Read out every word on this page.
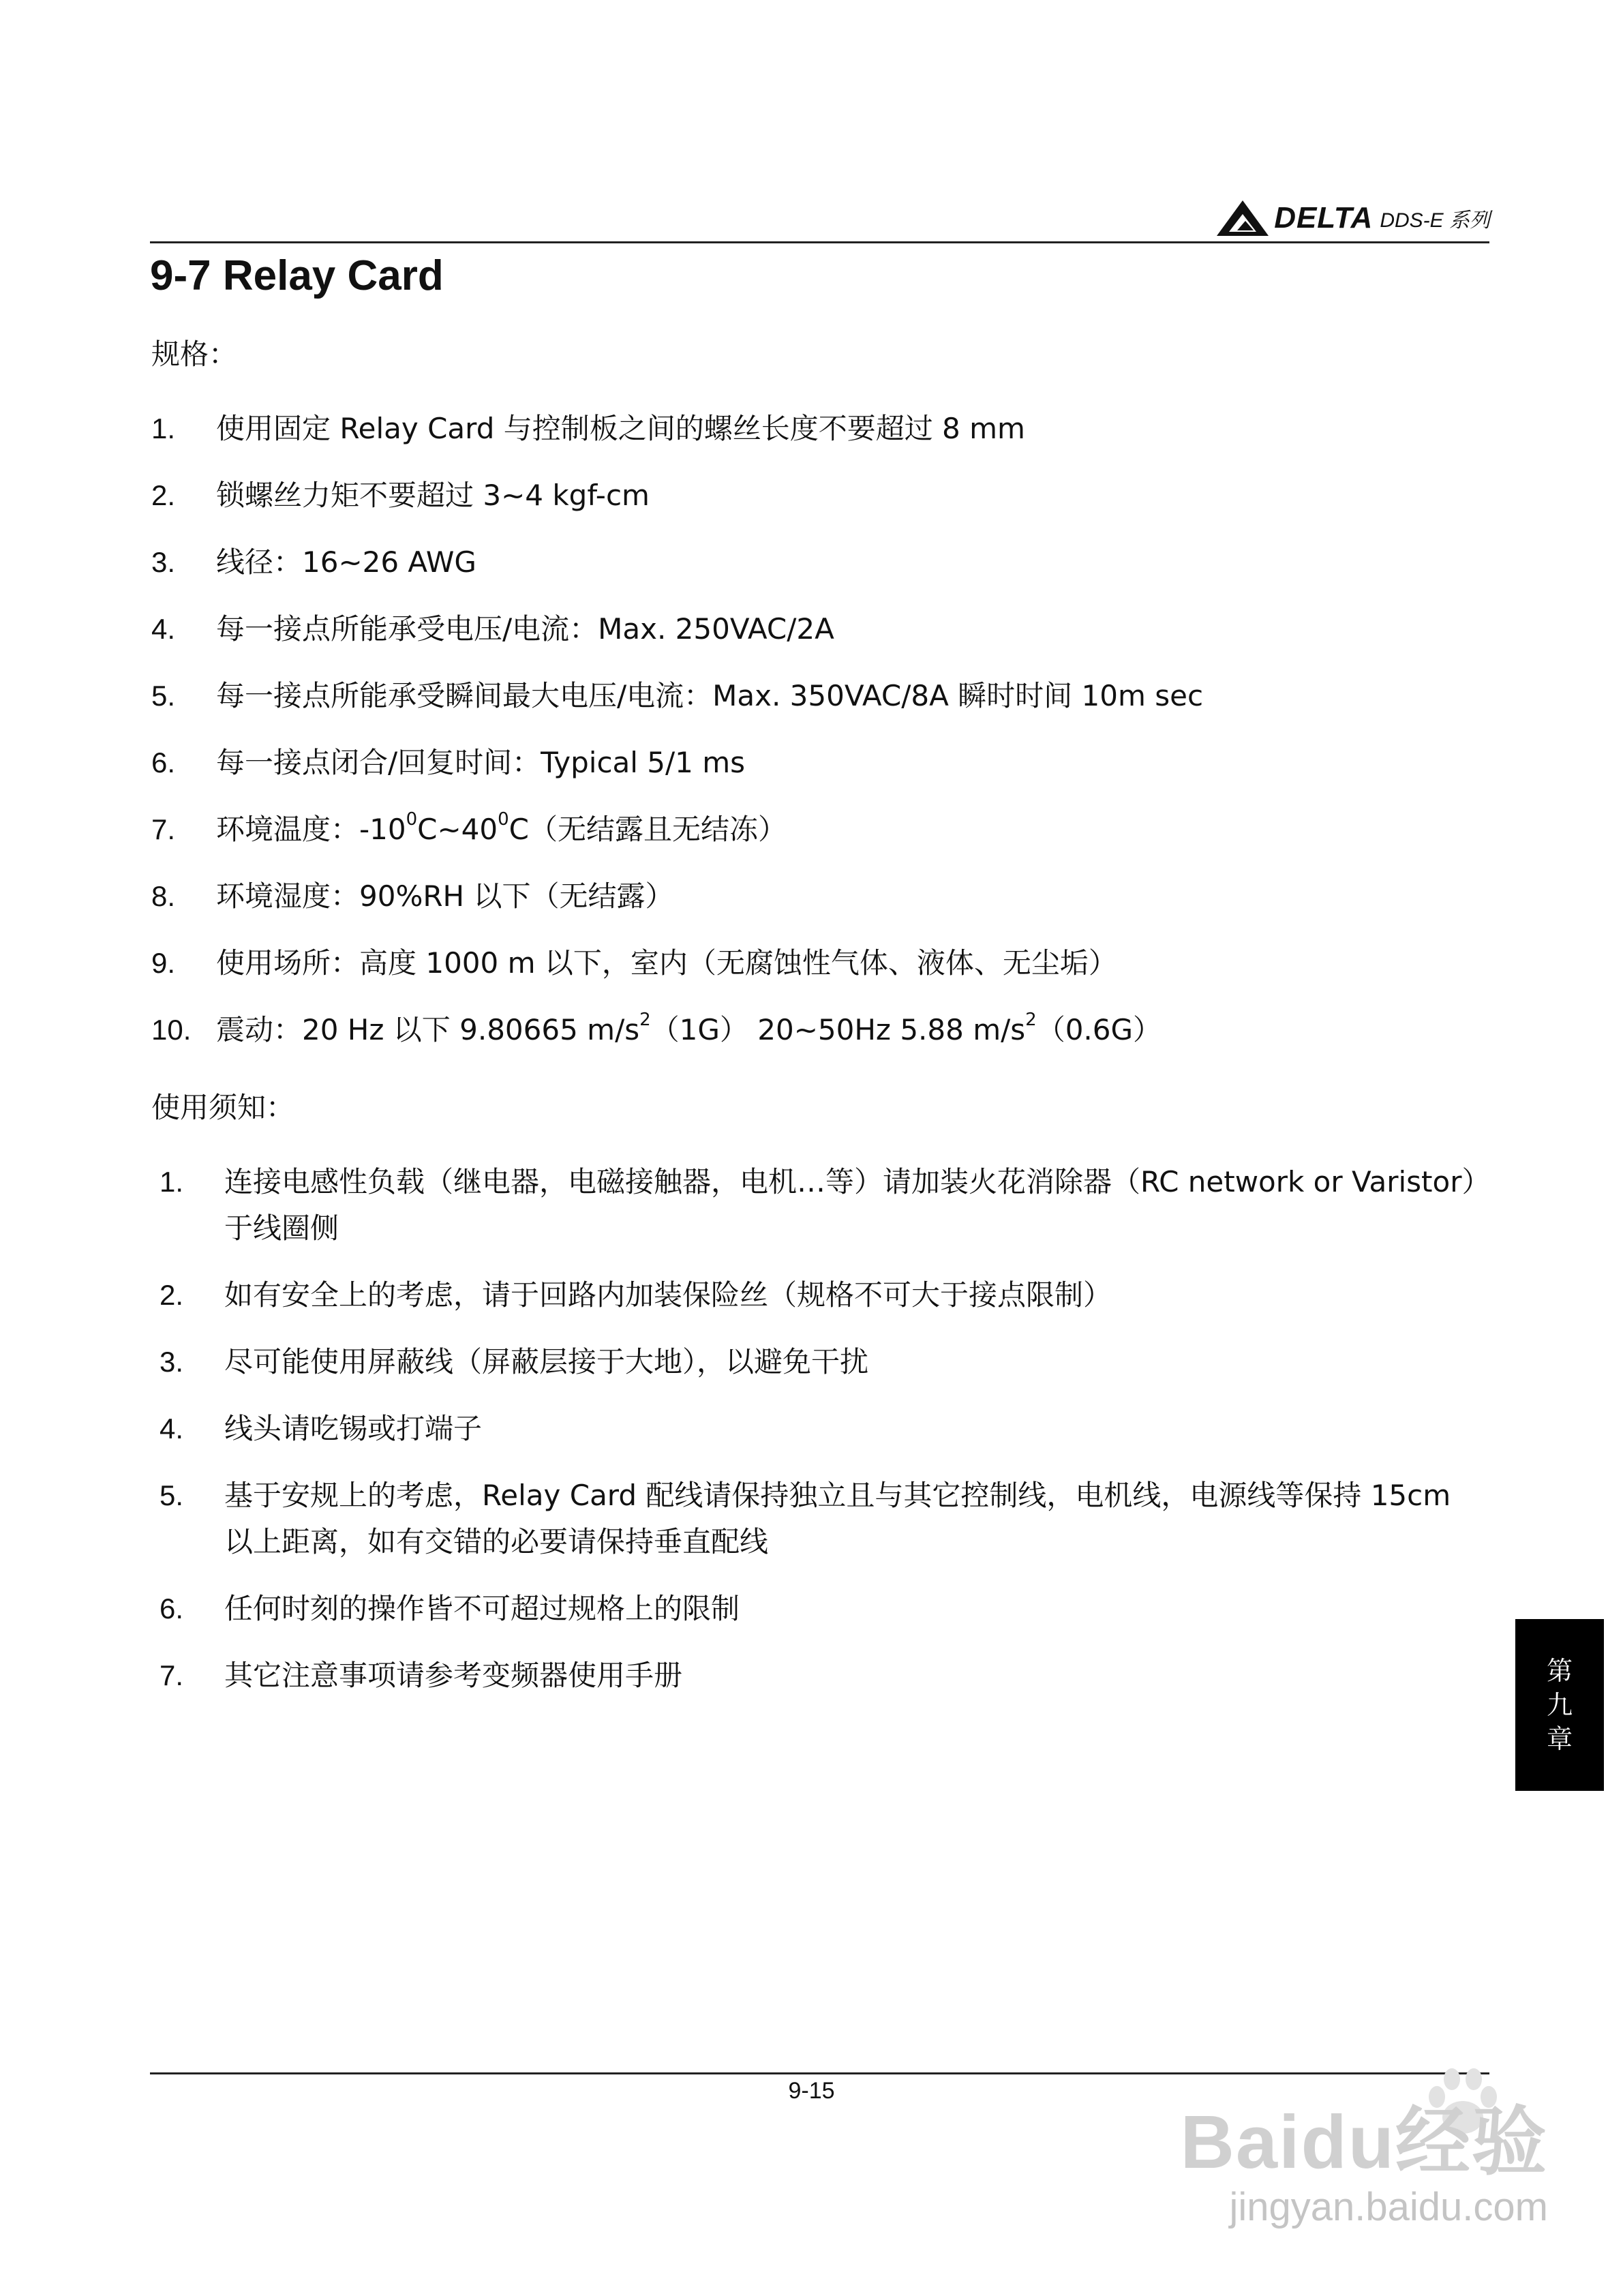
DELTA DDS-E 系列
9-7 Relay Card
规格：
1.	使用固定 Relay Card 与控制板之间的螺丝长度不要超过 8 mm
2.	锁螺丝力矩不要超过 3~4 kgf-cm
3.	线径：16~26 AWG
4.	每一接点所能承受电压/电流：Max. 250VAC/2A
5.	每一接点所能承受瞬间最大电压/电流：Max. 350VAC/8A 瞬时时间 10m sec
6.	每一接点闭合/回复时间：Typical 5/1 ms
7.	环境温度：$-10^0C\sim 40^0C$（无结露且无结冻）
8.	环境湿度：90%RH 以下（无结露）
9.	使用场所：高度 1000 m 以下，室内（无腐蚀性气体、液体、无尘垢）
10. 震动：20 Hz 以下 9.80665 $m/s^2(1G)$ 20~50Hz 5.88 $m/s^2(0.6G)$
使用须知：
1.	连接电感性负载（继电器，电磁接触器，电机…等）请加装火花消除器（RC network or Varistor）于线圈侧
2.	如有安全上的考虑，请于回路内加装保险丝（规格不可大于接点限制）
3.	尽可能使用屏蔽线（屏蔽层接于大地），以避免干扰
4.	线头请吃锡或打端子
5.	基于安规上的考虑，Relay Card 配线请保持独立且与其它控制线，电机线，电源线等保持 15cm 以上距离，如有交错的必要请保持垂直配线
6.	任何时刻的操作皆不可超过规格上的限制
7.	其它注意事项请参考变频器使用手册	第
九
章
9-15
Baidu经验
jingyan.baidu.com
